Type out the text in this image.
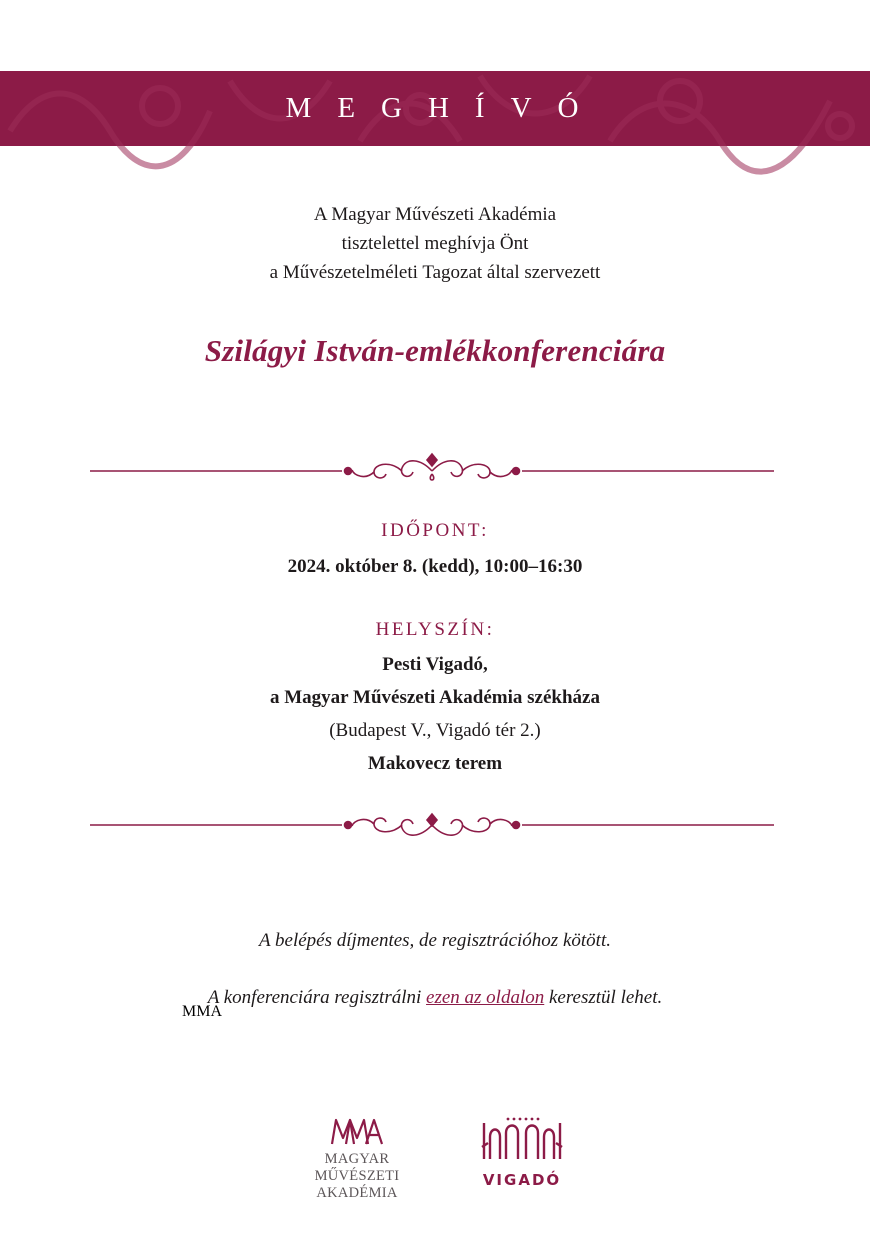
MEGHÍVÓ
A Magyar Művészeti Akadémia
tisztelettel meghívja Önt
a Művészetelméleti Tagozat által szervezett
Szilágyi István-emlékkonferenciára
IDŐPONT:
2024. október 8. (kedd), 10:00–16:30
HELYSZÍN:
Pesti Vigadó,
a Magyar Művészeti Akadémia székháza
(Budapest V., Vigadó tér 2.)
Makovecz terem
A belépés díjmentes, de regisztrációhoz kötött.
A konferenciára regisztrálni ezen az oldalon keresztül lehet.
MMA
MAGYAR MŰVÉSZETI
AKADÉMIA
VIGADÓ
